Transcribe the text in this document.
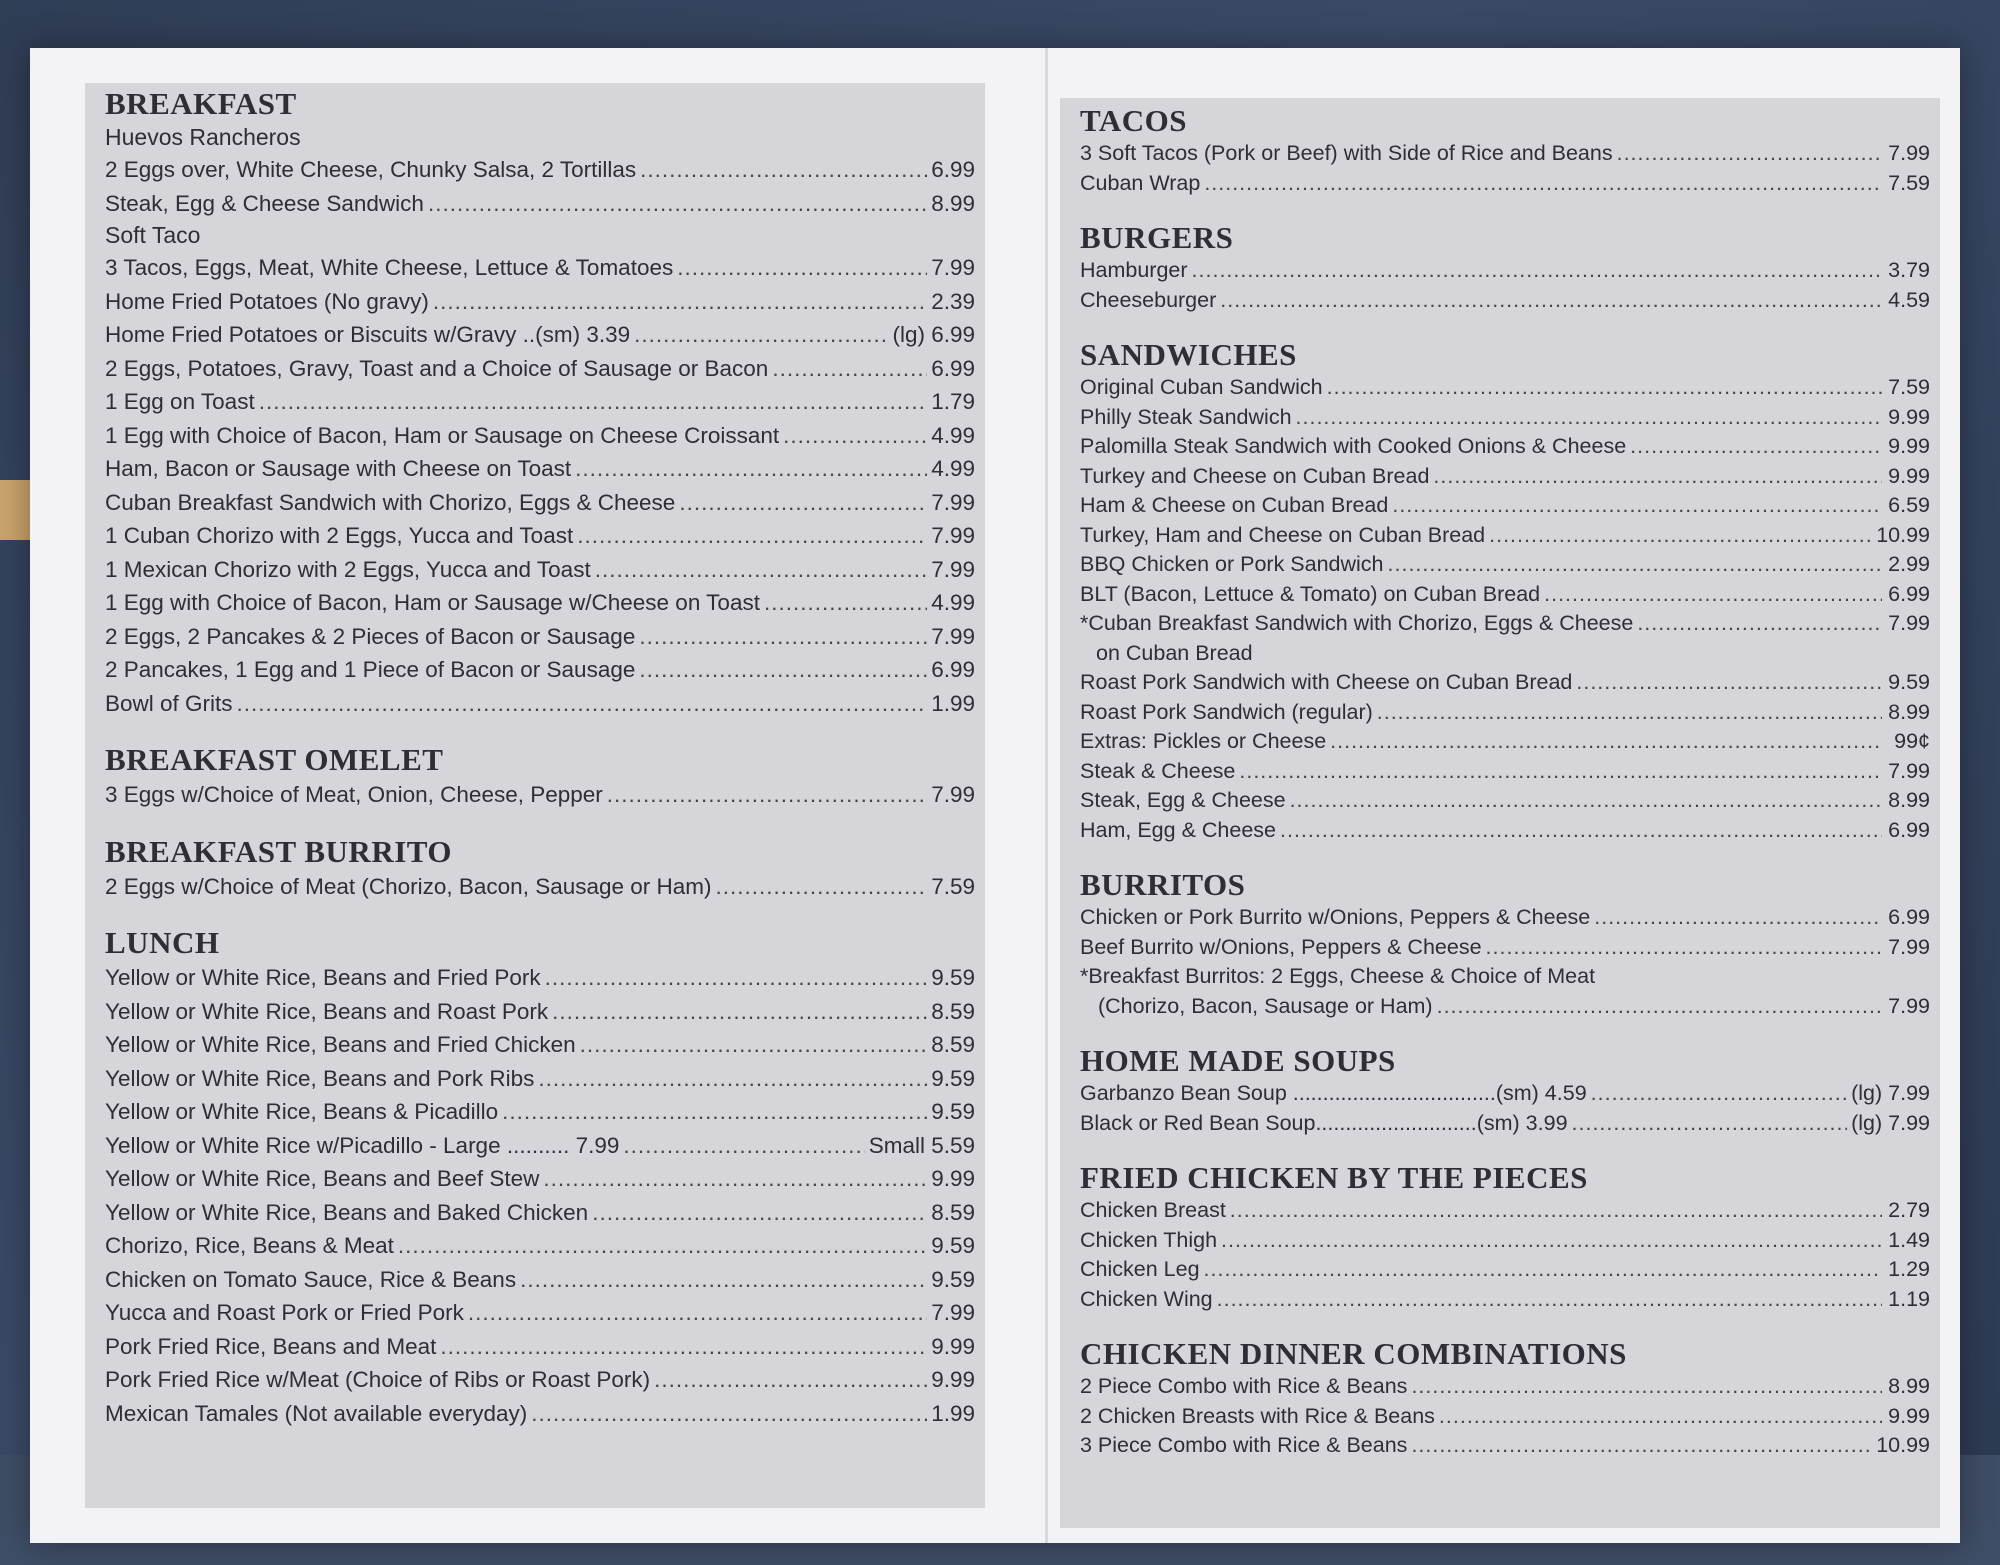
BREAKFAST
Huevos Rancheros
2 Eggs over, White Cheese, Chunky Salsa, 2 Tortillas .....	6.99
Steak, Egg & Cheese Sandwich .....	8.99
Soft Taco
3 Tacos, Eggs, Meat, White Cheese, Lettuce & Tomatoes .....	7.99
Home Fried Potatoes (No gravy) .....	2.39
Home Fried Potatoes or Biscuits w/Gravy ..(sm) 3.39 .....	(lg) 6.99
2 Eggs, Potatoes, Gravy, Toast and a Choice of Sausage or Bacon .....	6.99
1 Egg on Toast .....	1.79
1 Egg with Choice of Bacon, Ham or Sausage on Cheese Croissant .....	4.99
Ham, Bacon or Sausage with Cheese on Toast .....	4.99
Cuban Breakfast Sandwich with Chorizo, Eggs & Cheese .....	7.99
1 Cuban Chorizo with 2 Eggs, Yucca and Toast .....	7.99
1 Mexican Chorizo with 2 Eggs, Yucca and Toast .....	7.99
1 Egg with Choice of Bacon, Ham or Sausage w/Cheese on Toast .....	4.99
2 Eggs, 2 Pancakes & 2 Pieces of Bacon or Sausage .....	7.99
2 Pancakes, 1 Egg and 1 Piece of Bacon or Sausage .....	6.99
Bowl of Grits .....	1.99
BREAKFAST OMELET
3 Eggs w/Choice of Meat, Onion, Cheese, Pepper .....	7.99
BREAKFAST BURRITO
2 Eggs w/Choice of Meat (Chorizo, Bacon, Sausage or Ham) .....	7.59
LUNCH
Yellow or White Rice, Beans and Fried Pork .....	9.59
Yellow or White Rice, Beans and Roast Pork .....	8.59
Yellow or White Rice, Beans and Fried Chicken .....	8.59
Yellow or White Rice, Beans and Pork Ribs .....	9.59
Yellow or White Rice, Beans & Picadillo .....	9.59
Yellow or White Rice w/Picadillo - Large .......... 7.99 .....	Small 5.59
Yellow or White Rice, Beans and Beef Stew .....	9.99
Yellow or White Rice, Beans and Baked Chicken .....	8.59
Chorizo, Rice, Beans & Meat .....	9.59
Chicken on Tomato Sauce, Rice & Beans .....	9.59
Yucca and Roast Pork or Fried Pork .....	7.99
Pork Fried Rice, Beans and Meat .....	9.99
Pork Fried Rice w/Meat (Choice of Ribs or Roast Pork) .....	9.99
Mexican Tamales (Not available everyday) .....	1.99
TACOS
3 Soft Tacos (Pork or Beef) with Side of Rice and Beans .....	7.99
Cuban Wrap .....	7.59
BURGERS
Hamburger .....	3.79
Cheeseburger .....	4.59
SANDWICHES
Original Cuban Sandwich .....	7.59
Philly Steak Sandwich .....	9.99
Palomilla Steak Sandwich with Cooked Onions & Cheese .....	9.99
Turkey and Cheese on Cuban Bread .....	9.99
Ham & Cheese on Cuban Bread .....	6.59
Turkey, Ham and Cheese on Cuban Bread .....	10.99
BBQ Chicken or Pork Sandwich .....	2.99
BLT (Bacon, Lettuce & Tomato) on Cuban Bread .....	6.99
*Cuban Breakfast Sandwich with Chorizo, Eggs & Cheese .....	7.99
on Cuban Bread
Roast Pork Sandwich with Cheese on Cuban Bread .....	9.59
Roast Pork Sandwich (regular) .....	8.99
Extras: Pickles or Cheese .....	99¢
Steak & Cheese .....	7.99
Steak, Egg & Cheese .....	8.99
Ham, Egg & Cheese .....	6.99
BURRITOS
Chicken or Pork Burrito w/Onions, Peppers & Cheese .....	6.99
Beef Burrito w/Onions, Peppers & Cheese .....	7.99
*Breakfast Burritos: 2 Eggs, Cheese & Choice of Meat
(Chorizo, Bacon, Sausage or Ham) .....	7.99
HOME MADE SOUPS
Garbanzo Bean Soup ..................................(sm) 4.59 .....	(lg) 7.99
Black or Red Bean Soup...........................(sm) 3.99 .....	(lg) 7.99
FRIED CHICKEN BY THE PIECES
Chicken Breast .....	2.79
Chicken Thigh .....	1.49
Chicken Leg .....	1.29
Chicken Wing .....	1.19
CHICKEN DINNER COMBINATIONS
2 Piece Combo with Rice & Beans .....	8.99
2 Chicken Breasts with Rice & Beans .....	9.99
3 Piece Combo with Rice & Beans .....	10.99
